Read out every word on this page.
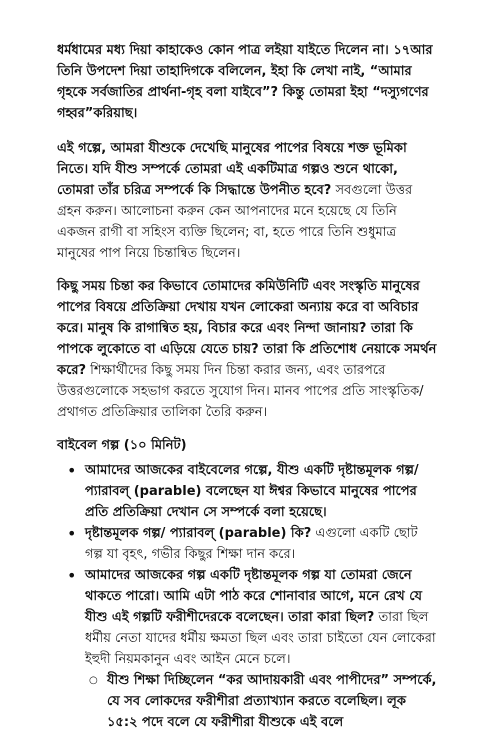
ধর্মধামের মধ্য দিয়া কাহাকেও কোন পাত্র লইয়া যাইতে দিলেন না। ১৭আর তিনি উপদেশ দিয়া তাহাদিগকে বলিলেন, ইহা কি লেখা নাই, “আমার গৃহকে সর্বজাতির প্রার্থনা-গৃহ বলা যাইবে”? কিন্তু তোমরা ইহা “দস্যুগণের গহ্বর”করিয়াছ।

এই গল্পে, আমরা যীশুকে দেখেছি মানুষের পাপের বিষয়ে শক্ত ভূমিকা নিতে। যদি যীশু সম্পর্কে তোমরা এই একটিমাত্র গল্পও শুনে থাকো, তোমরা তাঁর চরিত্র সম্পর্কে কি সিদ্ধান্তে উপনীত হবে? সবগুলো উত্তর গ্রহন করুন। আলোচনা করুন কেন আপনাদের মনে হয়েছে যে তিনি একজন রাগী বা সহিংস ব্যক্তি ছিলেন; বা, হতে পারে তিনি শুধুমাত্র মানুষের পাপ নিয়ে চিন্তান্বিত ছিলেন।

কিছু সময় চিন্তা কর কিভাবে তোমাদের কমিউনিটি এবং সংস্কৃতি মানুষের পাপের বিষয়ে প্রতিক্রিয়া দেখায় যখন লোকেরা অন্যায় করে বা অবিচার করে। মানুষ কি রাগান্বিত হয়, বিচার করে এবং নিন্দা জানায়? তারা কি পাপকে লুকোতে বা এড়িয়ে যেতে চায়? তারা কি প্রতিশোধ নেয়াকে সমর্থন করে? শিক্ষার্থীদের কিছু সময় দিন চিন্তা করার জন্য, এবং তারপরে উত্তরগুলোকে সহভাগ করতে সুযোগ দিন। মানব পাপের প্রতি সাংস্কৃতিক/ প্রথাগত প্রতিক্রিয়ার তালিকা তৈরি করুন।

বাইবেল গল্প (১০ মিনিট)

• আমাদের আজকের বাইবেলের গল্পে, যীশু একটি দৃষ্টান্তমূলক গল্প/ প্যারাবল্ (parable) বলেছেন যা ঈশ্বর কিভাবে মানুষের পাপের প্রতি প্রতিক্রিয়া দেখান সে সম্পর্কে বলা হয়েছে।
• দৃষ্টান্তমূলক গল্প/ প্যারাবল্ (parable) কি? এগুলো একটি ছোট গল্প যা বৃহৎ, গভীর কিছুর শিক্ষা দান করে।
• আমাদের আজকের গল্প একটি দৃষ্টান্তমূলক গল্প যা তোমরা জেনে থাকতে পারো। আমি এটা পাঠ করে শোনাবার আগে, মনে রেখ যে যীশু এই গল্পটি ফরীশীদেরকে বলেছেন। তারা কারা ছিল? তারা ছিল ধর্মীয় নেতা যাদের ধর্মীয় ক্ষমতা ছিল এবং তারা চাইতো যেন লোকেরা ইহুদী নিয়মকানুন এবং আইন মেনে চলে।
○ যীশু শিক্ষা দিচ্ছিলেন “কর আদায়কারী এবং পাপীদের” সম্পর্কে, যে সব লোকদের ফরীশীরা প্রত্যাখ্যান করতে বলেছিল। লূক ১৫:২ পদে বলে যে ফরীশীরা যীশুকে এই বলে
